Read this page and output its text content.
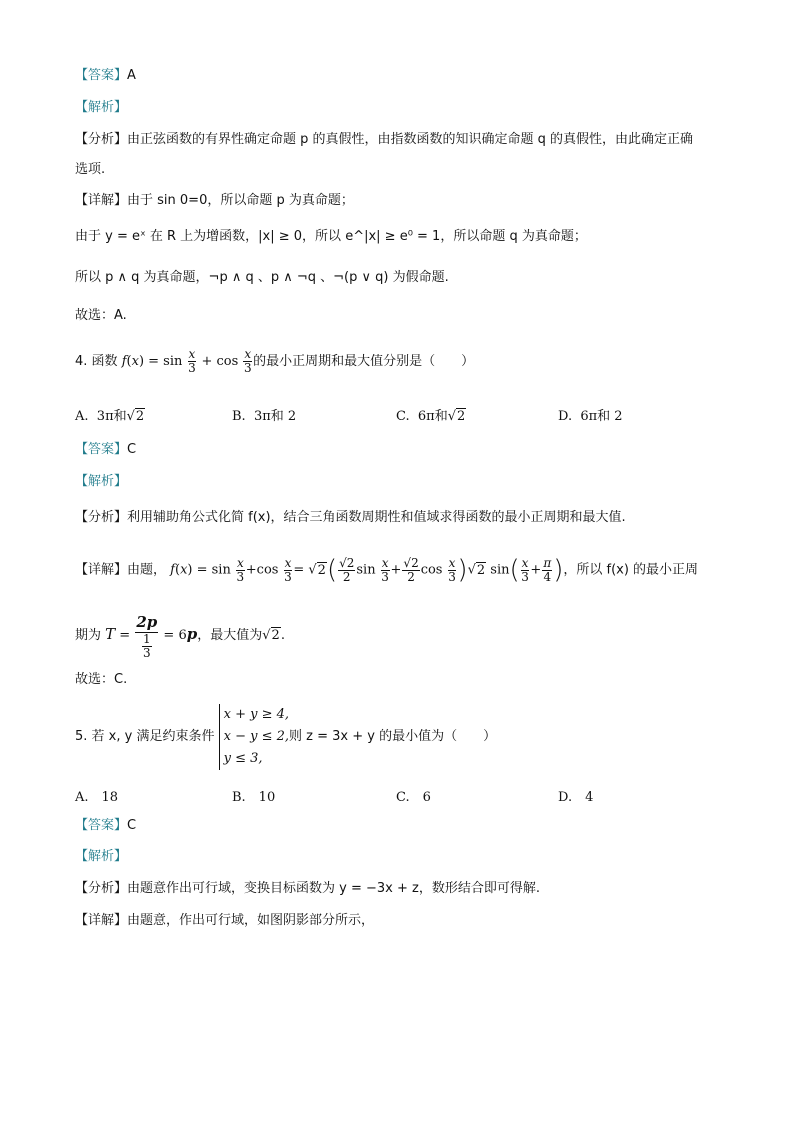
【答案】A
【解析】
【分析】由正弦函数的有界性确定命题 p 的真假性，由指数函数的知识确定命题 q 的真假性，由此确定正确
选项.
【详解】由于 sin 0=0，所以命题 p 为真命题；
由于 y = eˣ 在 R 上为增函数，|x| ≥ 0，所以 e^|x| ≥ e⁰ = 1，所以命题 q 为真命题；
所以 p ∧ q 为真命题，¬p ∧ q 、p ∧ ¬q 、¬(p ∨ q) 为假命题.
故选：A.
4. 函数 $f(x) = \sin \frac{x}{3} + \cos \frac{x}{3}$ 的最小正周期和最大值分别是（　　）
A. 3π和√2	B. 3π和 2	C. 6π和√2	D. 6π和 2
【答案】C
【解析】
【分析】利用辅助角公式化简 f(x)，结合三角函数周期性和值域求得函数的最小正周期和最大值.
【详解】由题， $f(x) = \sin \frac{x}{3} +\cos \frac{x}{3} = √2( \frac{√2}{2}$ $\sin \frac{x}{3} + \frac{√2}{2}$ $\cos \frac{x}{3} )√2$ $\sin( \frac{x}{3} + \frac{\pi}{4}$ )，所以 f(x) 的最小正周
期为 $T = \frac{2p}{\frac{1}{3}} = 6p$，最大值为√2.
故选：C.
5. 若 x, y 满足约束条件
x + y ≥ 4,
x − y ≤ 2,
y ≤ 3,
则 z = 3x + y 的最小值为（　　）
A.　18	B.　10	C.　6	D.　4
【答案】C
【解析】
【分析】由题意作出可行域，变换目标函数为 y = −3x + z，数形结合即可得解.
【详解】由题意，作出可行域，如图阴影部分所示，
